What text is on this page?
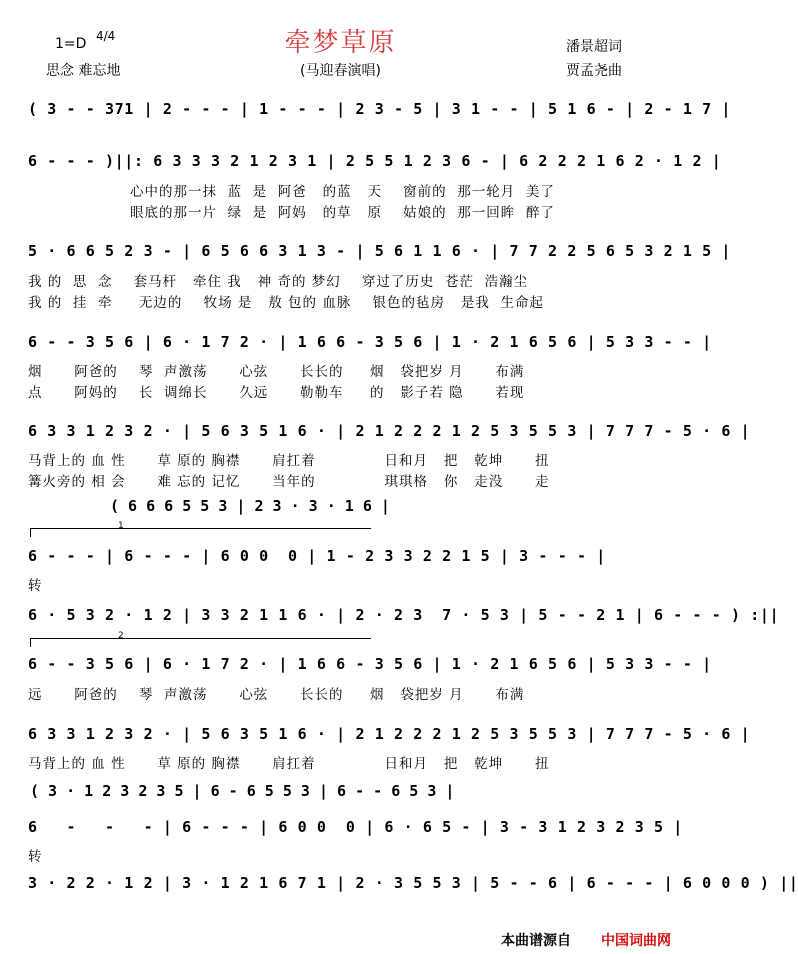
1=D 4/4
思念 难忘地
牵梦草原
(马迎春演唱)
潘景超词
贾孟尧曲
( 3 - - 371 | 2 - - - | 1 - - - | 2 3 - 5 | 3 1 - - | 5 1 6 - | 2 - 1 7 |
6 - - - )||: 6 3 3 3 2 1 2 3 1 | 2 5 5 1 2 3 6 - | 6 2 2 2 1 6 2 · 1 2 |
心中的那一抹  蓝  是  阿爸   的蓝   天    窗前的  那一轮月  美了
眼底的那一片  绿  是  阿妈   的草   原    姑娘的  那一回眸  醉了
5 · 6 6 5 2 3 - | 6 5 6 6 3 1 3 - | 5 6 1 1 6 · | 7 7 2 2 5 6 5 3 2 1 5 |
我 的  思  念    套马杆   牵住 我   神 奇的 梦幻    穿过了历史  苍茫  浩瀚尘
我 的  挂  牵     无边的    牧场 是   敖 包的 血脉    银色的毡房   是我  生命起
6 - - 3 5 6 | 6 · 1 7 2 · | 1 6 6 - 3 5 6 | 1 · 2 1 6 5 6 | 5 3 3 - - |
烟      阿爸的    琴  声激荡      心弦      长长的     烟   袋把岁 月      布满
点      阿妈的    长  调绵长      久远      勒勒车     的   影子若 隐      若现
6 3 3 1 2 3 2 · | 5 6 3 5 1 6 · | 2 1 2 2 2 1 2 5 3 5 5 3 | 7 7 7 - 5 · 6 |
马背上的 血 性      草 原的 胸襟      肩扛着             日和月   把   乾坤      扭
篝火旁的 相 会      难 忘的 记忆      当年的             琪琪格   你   走没      走
( 6 6 6 5 5 3 | 2 3 · 3 · 1 6 |
1
6 - - - | 6 - - - | 6 0 0  0 | 1 - 2 3 3 2 2 1 5 | 3 - - - |
转
6 · 5 3 2 · 1 2 | 3 3 2 1 1 6 · | 2 · 2 3  7 · 5 3 | 5 - - 2 1 | 6 - - - ) :||
2
6 - - 3 5 6 | 6 · 1 7 2 · | 1 6 6 - 3 5 6 | 1 · 2 1 6 5 6 | 5 3 3 - - |
远      阿爸的    琴  声激荡      心弦      长长的     烟   袋把岁 月      布满
6 3 3 1 2 3 2 · | 5 6 3 5 1 6 · | 2 1 2 2 2 1 2 5 3 5 5 3 | 7 7 7 - 5 · 6 |
马背上的 血 性      草 原的 胸襟      肩扛着             日和月   把   乾坤      扭
( 3 · 1 2 3 2 3 5 | 6 - 6 5 5 3 | 6 - - 6 5 3 |
6   -   -   - | 6 - - - | 6 0 0  0 | 6 · 6 5 - | 3 - 3 1 2 3 2 3 5 |
转
3 · 2 2 · 1 2 | 3 · 1 2 1 6 7 1 | 2 · 3 5 5 3 | 5 - - 6 | 6 - - - | 6 0 0 0 ) ||
本曲谱源自 中国词曲网
